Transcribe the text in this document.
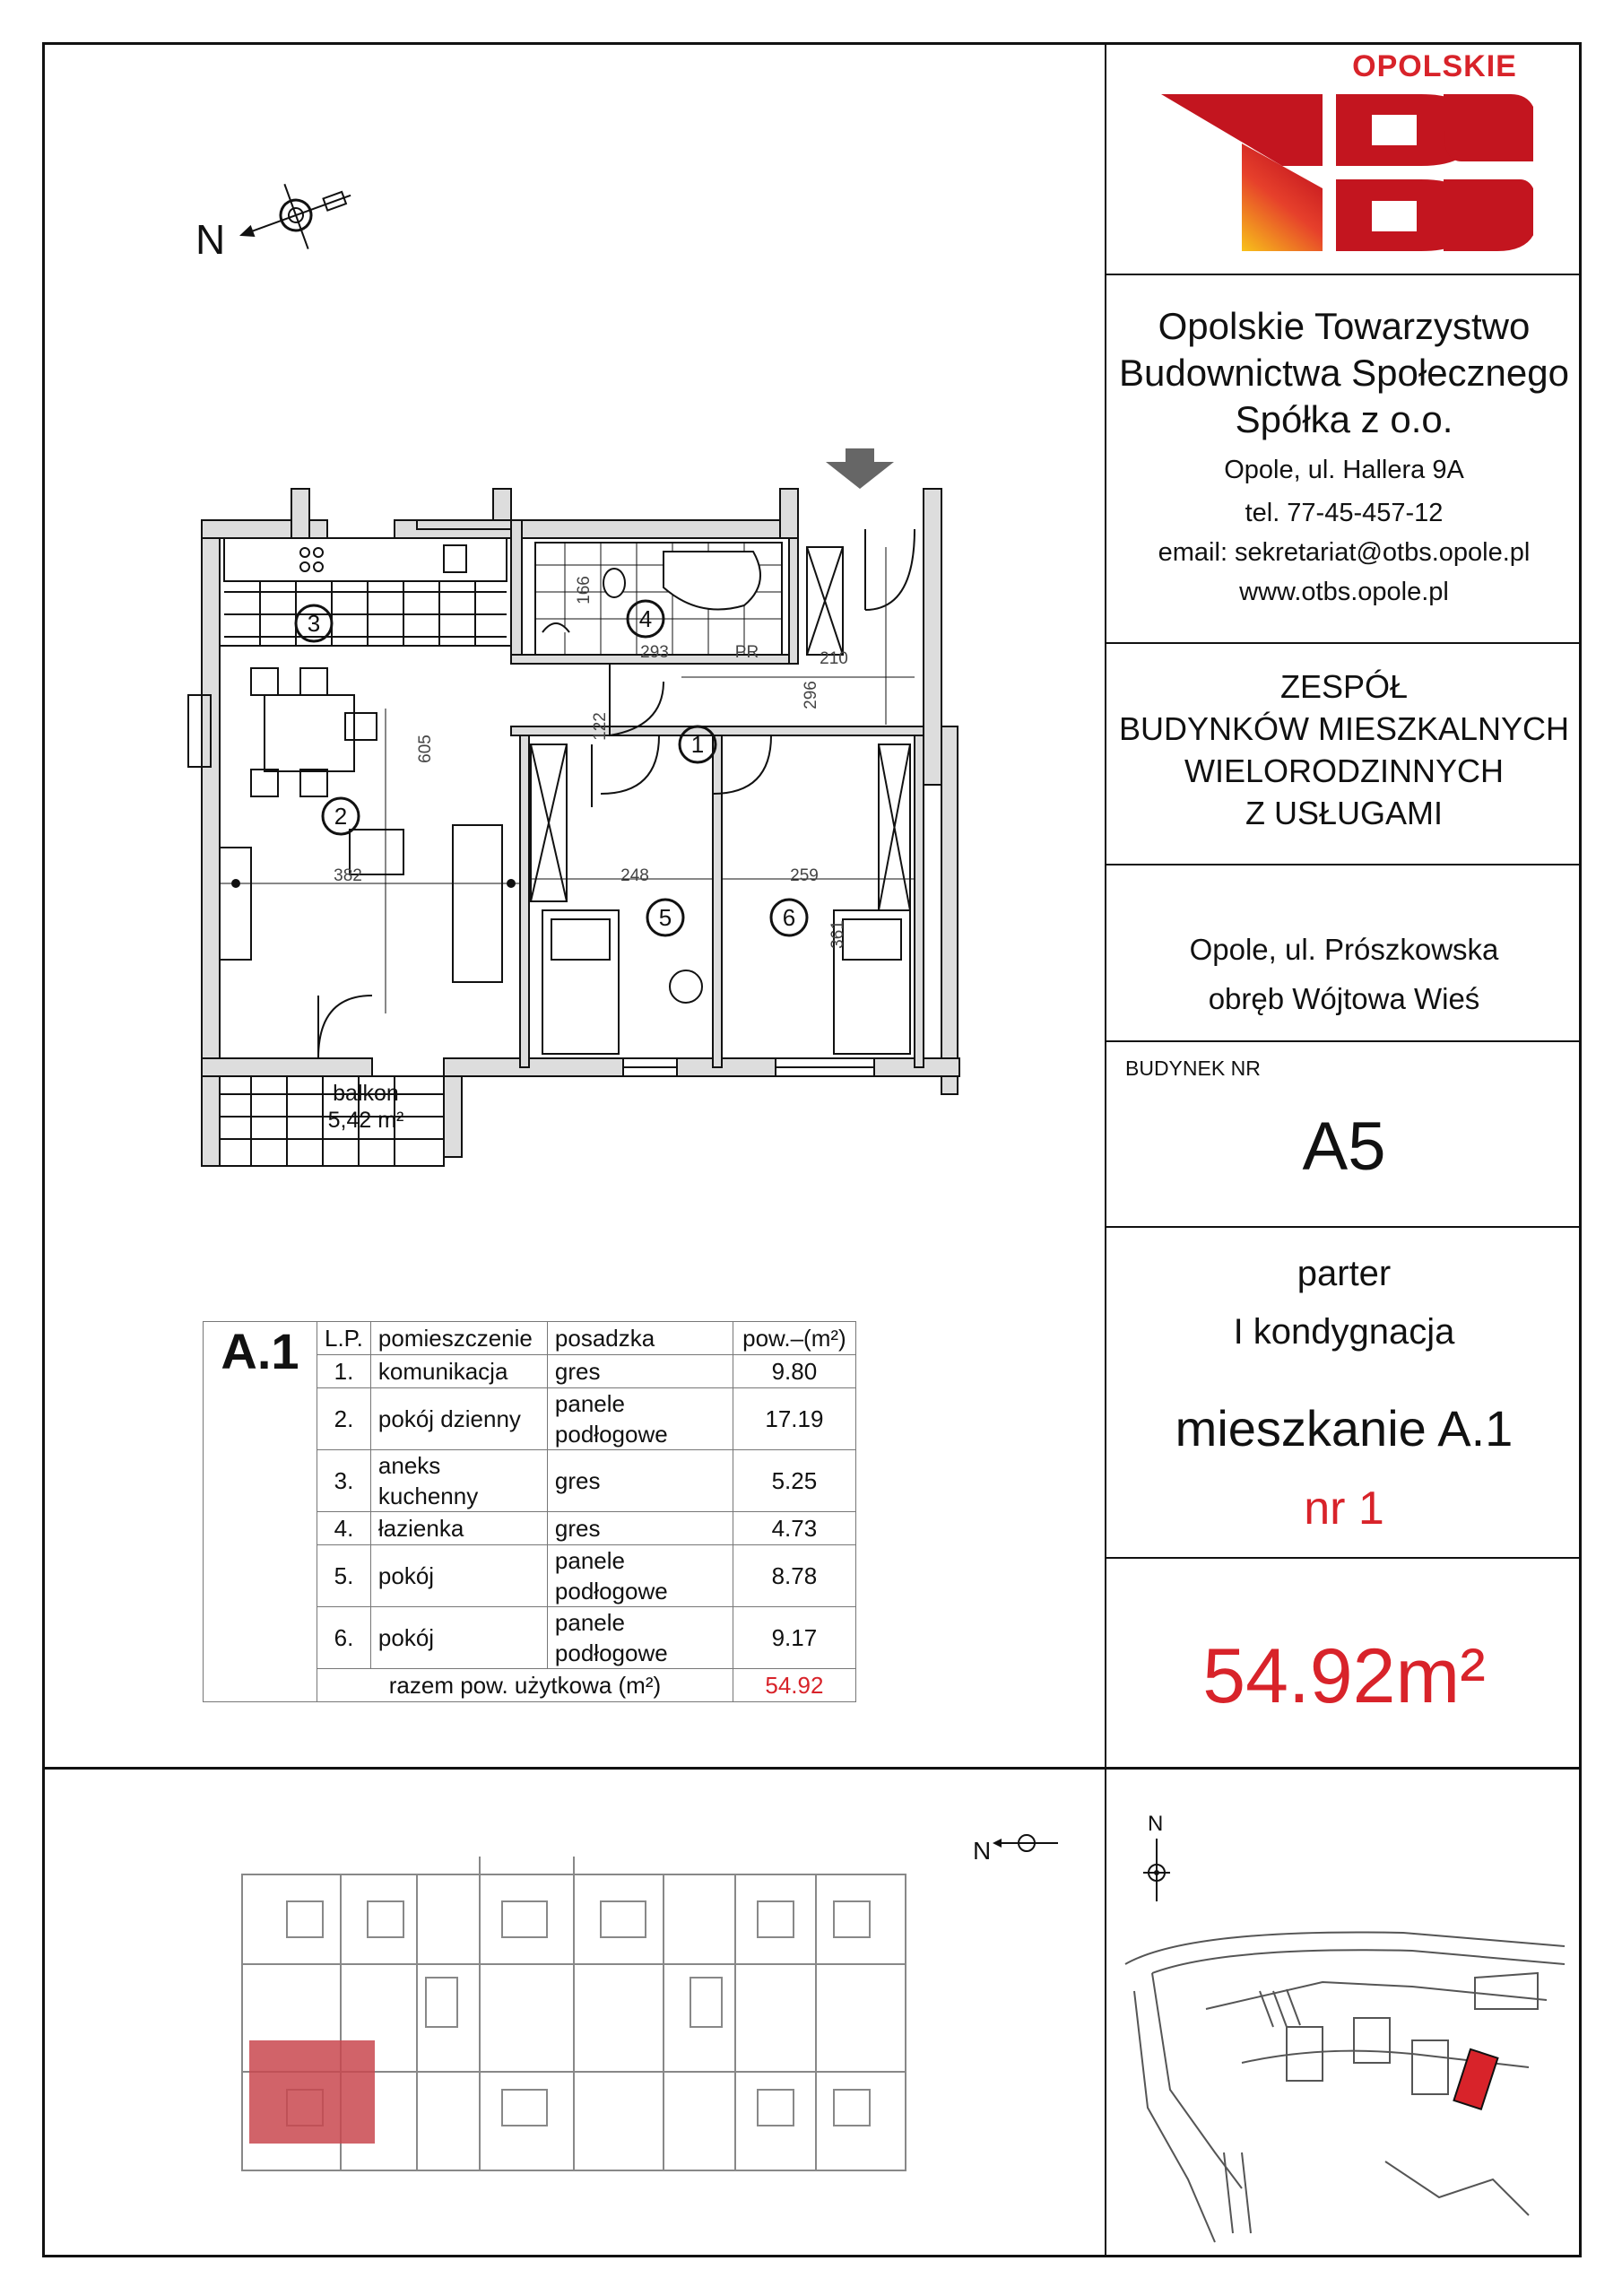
OPOLSKIE
Opolskie Towarzystwo
Budownictwa Społecznego
Spółka z o.o.
Opole, ul. Hallera 9A
tel. 77-45-457-12
email: sekretariat@otbs.opole.pl
www.otbs.opole.pl
ZESPÓŁ
BUDYNKÓW MIESZKALNYCH
WIELORODZINNYCH
Z USŁUGAMI
Opole, ul. Prószkowska
obręb Wójtowa Wieś
BUDYNEK NR
A5
parter
I kondygnacja
mieszkanie A.1
nr 1
54.92m²
N
3
2
4
1
5	6
382	248	259
210
293	PR
605
122
296
166
361
balkon
5,42 m²
A.1	L.P.	pomieszczenie	posadzka	pow.–(m²)
	1.	komunikacja	gres	9.80
	2.	pokój dzienny	panele podłogowe	17.19
	3.	aneks kuchenny	gres	5.25
	4.	łazienka	gres	4.73
	5.	pokój	panele podłogowe	8.78
	6.	pokój	panele podłogowe	9.17
	razem pow. użytkowa (m²)			54.92
N
N
